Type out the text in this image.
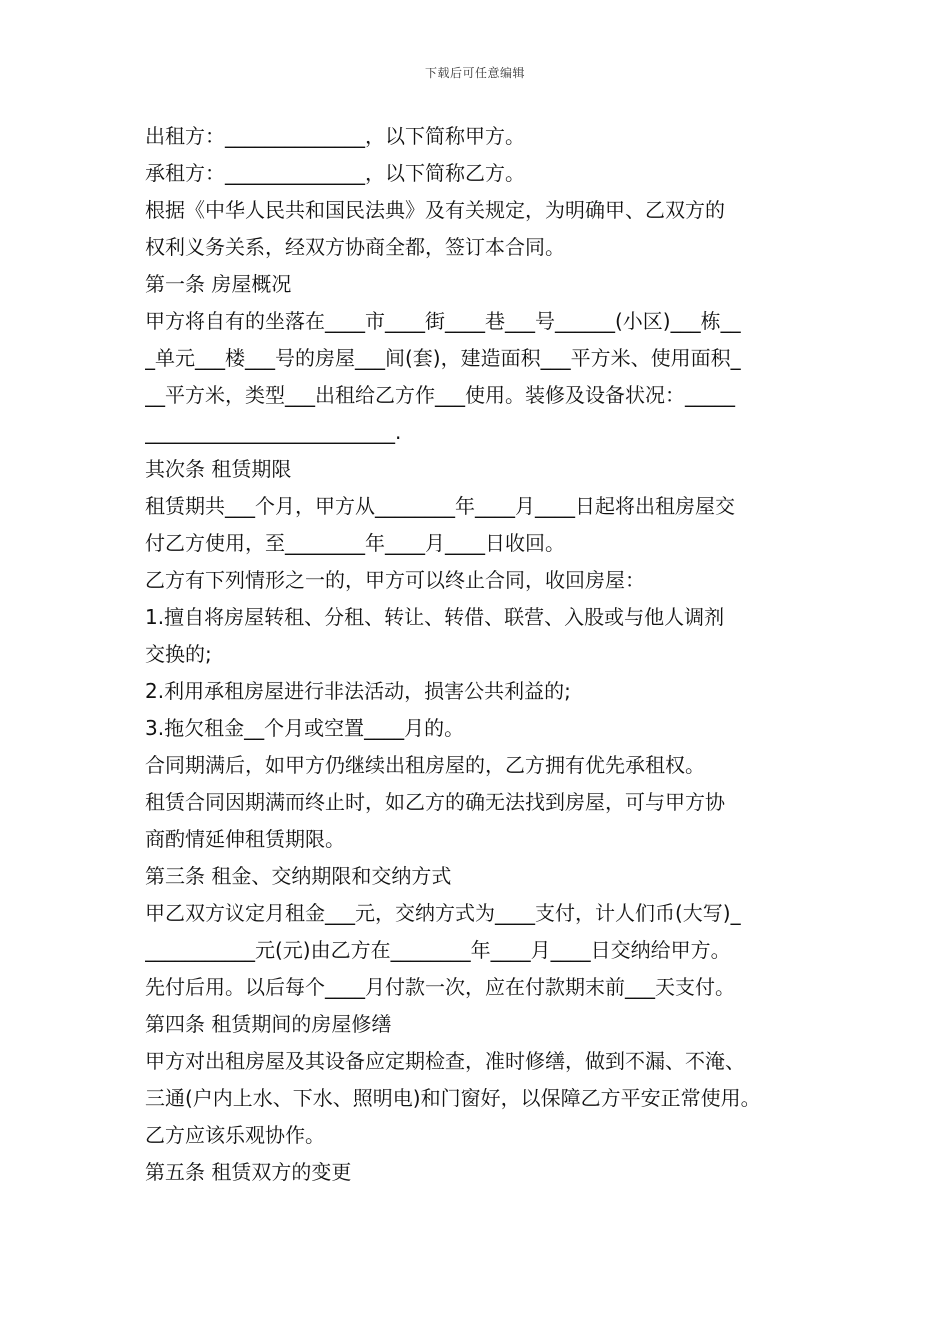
下载后可任意编辑
出租方：______________，以下简称甲方。
承租方：______________，以下简称乙方。
根据《中华人民共和国民法典》及有关规定，为明确甲、乙双方的
权利义务关系，经双方协商全都，签订本合同。
第一条 房屋概况
甲方将自有的坐落在____市____街____巷___号______(小区)___栋__
_单元___楼___号的房屋___间(套)，建造面积___平方米、使用面积_
__平方米，类型___出租给乙方作___使用。装修及设备状况：_____
_________________________.
其次条 租赁期限
租赁期共___个月，甲方从________年____月____日起将出租房屋交
付乙方使用，至________年____月____日收回。
乙方有下列情形之一的，甲方可以终止合同，收回房屋：
1.擅自将房屋转租、分租、转让、转借、联营、入股或与他人调剂
交换的;
2.利用承租房屋进行非法活动，损害公共利益的;
3.拖欠租金__个月或空置____月的。
合同期满后，如甲方仍继续出租房屋的，乙方拥有优先承租权。
租赁合同因期满而终止时，如乙方的确无法找到房屋，可与甲方协
商酌情延伸租赁期限。
第三条 租金、交纳期限和交纳方式
甲乙双方议定月租金___元，交纳方式为____支付，计人们币(大写)_
___________元(元)由乙方在________年____月____日交纳给甲方。
先付后用。以后每个____月付款一次，应在付款期末前___天支付。
第四条 租赁期间的房屋修缮
甲方对出租房屋及其设备应定期检查，准时修缮，做到不漏、不淹、
三通(户内上水、下水、照明电)和门窗好，以保障乙方平安正常使用。
乙方应该乐观协作。
第五条 租赁双方的变更
